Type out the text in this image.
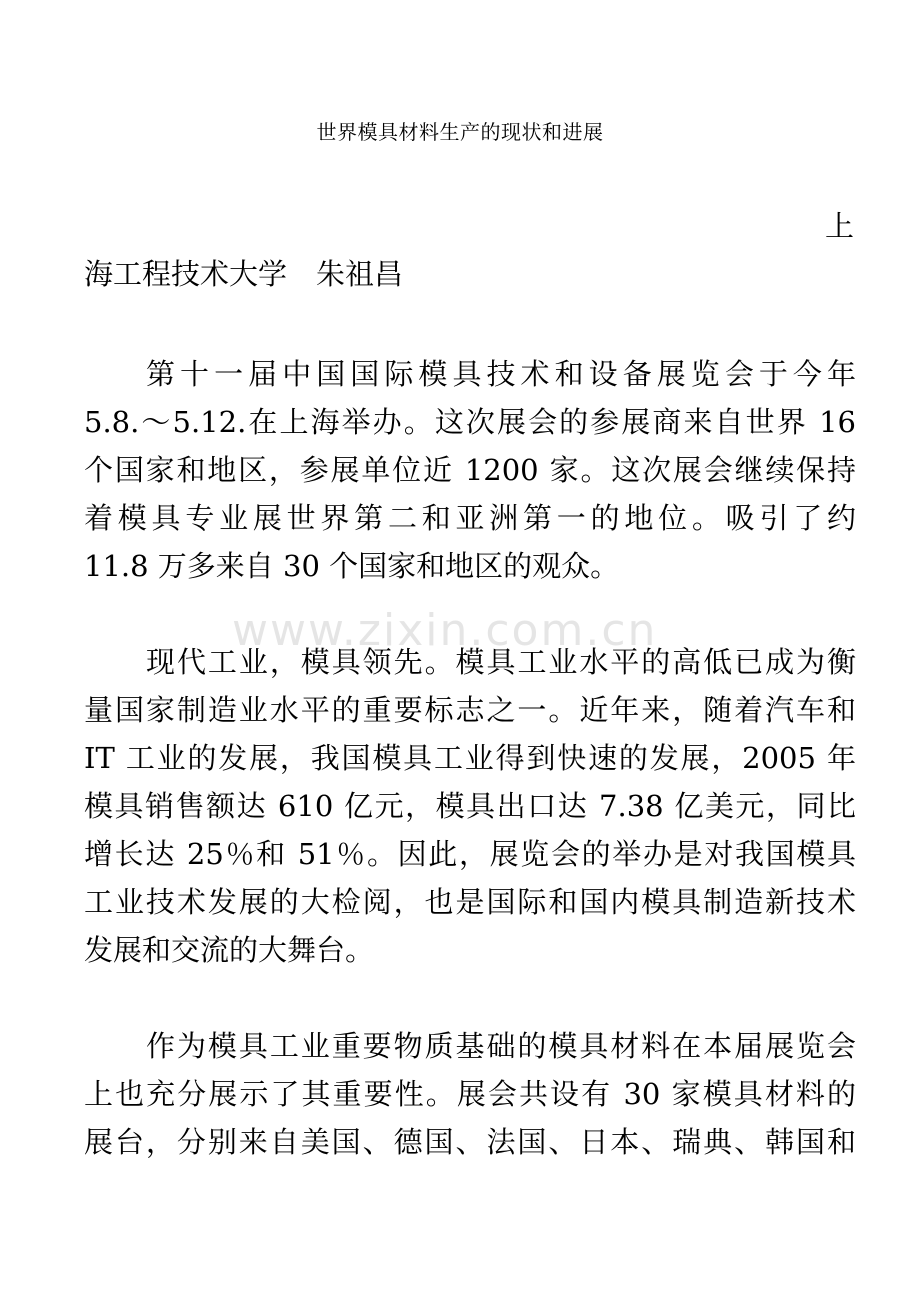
世界模具材料生产的现状和进展
上
海工程技术大学　朱祖昌
第十一届中国国际模具技术和设备展览会于今年
5.8.～5.12.在上海举办。这次展会的参展商来自世界 16
个国家和地区，参展单位近 1200 家。这次展会继续保持
着模具专业展世界第二和亚洲第一的地位。吸引了约
11.8 万多来自 30 个国家和地区的观众。
www.zixin.com.cn
现代工业，模具领先。模具工业水平的高低已成为衡
量国家制造业水平的重要标志之一。近年来，随着汽车和
IT 工业的发展，我国模具工业得到快速的发展，2005 年
模具销售额达 610 亿元，模具出口达 7.38 亿美元，同比
增长达 25％和 51％。因此，展览会的举办是对我国模具
工业技术发展的大检阅，也是国际和国内模具制造新技术
发展和交流的大舞台。
作为模具工业重要物质基础的模具材料在本届展览会
上也充分展示了其重要性。展会共设有 30 家模具材料的
展台，分别来自美国、德国、法国、日本、瑞典、韩国和
